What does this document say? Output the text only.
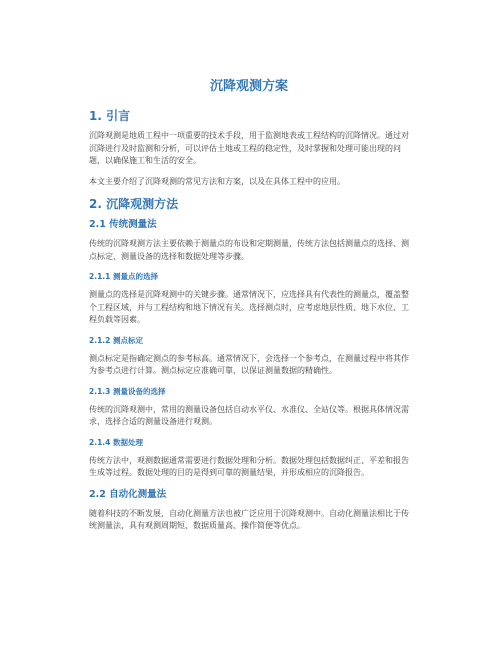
沉降观测方案
1. 引言

沉降观测是地质工程中一项重要的技术手段，用于监测地表或工程结构的沉降情况。通过对沉降进行及时监测和分析，可以评估土地或工程的稳定性，及时掌握和处理可能出现的问题，以确保施工和生活的安全。

本文主要介绍了沉降观测的常见方法和方案，以及在具体工程中的应用。

2. 沉降观测方法
2.1 传统测量法

传统的沉降观测方法主要依赖于测量点的布设和定期测量，传统方法包括测量点的选择、测点标定、测量设备的选择和数据处理等步骤。

2.1.1 测量点的选择

测量点的选择是沉降观测中的关键步骤。通常情况下，应选择具有代表性的测量点，覆盖整个工程区域，并与工程结构和地下情况有关。选择测点时，应考虑地层性质、地下水位、工程负载等因素。

2.1.2 测点标定

测点标定是指确定测点的参考标高。通常情况下，会选择一个参考点，在测量过程中将其作为参考点进行计算。测点标定应准确可靠，以保证测量数据的精确性。

2.1.3 测量设备的选择

传统的沉降观测中，常用的测量设备包括自动水平仪、水准仪、全站仪等。根据具体情况需求，选择合适的测量设备进行观测。

2.1.4 数据处理

传统方法中，观测数据通常需要进行数据处理和分析。数据处理包括数据纠正、平差和报告生成等过程。数据处理的目的是得到可靠的测量结果，并形成相应的沉降报告。

2.2 自动化测量法

随着科技的不断发展，自动化测量方法也被广泛应用于沉降观测中。自动化测量法相比于传统测量法，具有观测周期短、数据质量高、操作简便等优点。
